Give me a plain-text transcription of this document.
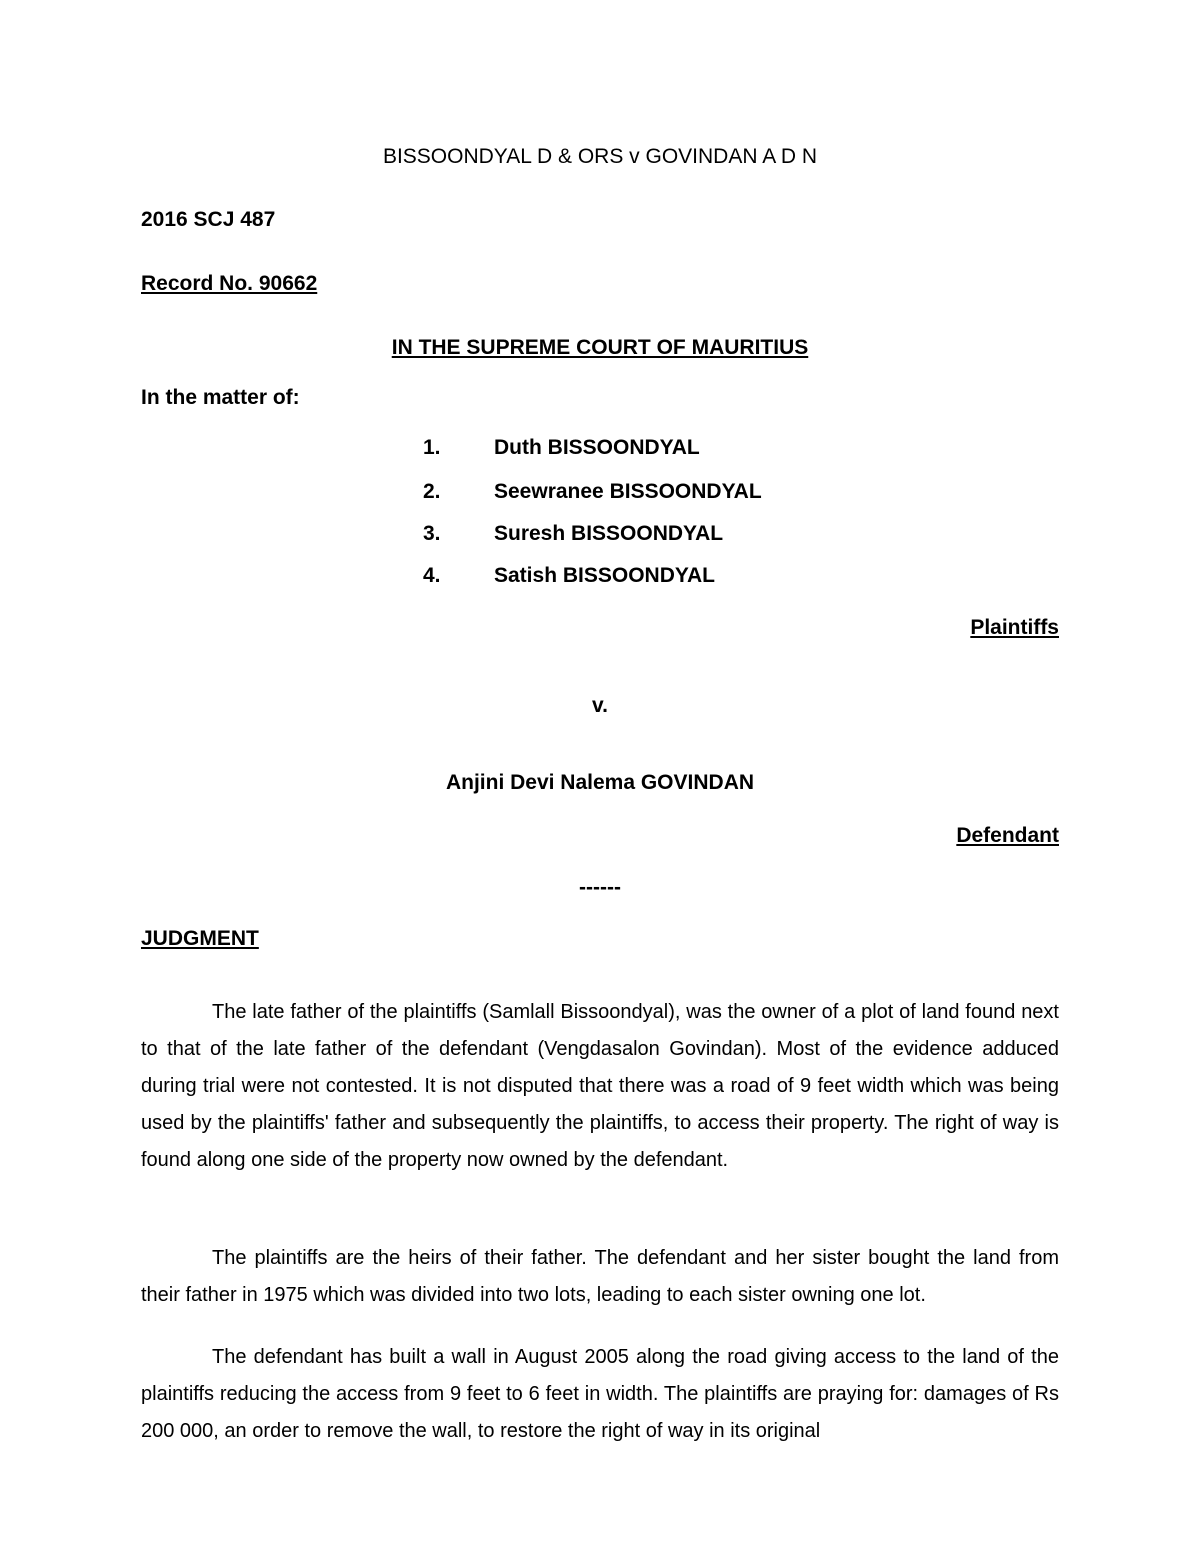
BISSOONDYAL D & ORS v GOVINDAN A D N
2016 SCJ 487
Record No. 90662
IN THE SUPREME COURT OF MAURITIUS
In the matter of:
1.	Duth BISSOONDYAL
2.	Seewranee BISSOONDYAL
3.	Suresh BISSOONDYAL
4.	Satish BISSOONDYAL
Plaintiffs
v.
Anjini Devi Nalema GOVINDAN
Defendant
------
JUDGMENT
The late father of the plaintiffs (Samlall Bissoondyal), was the owner of a plot of land found next to that of the late father of the defendant (Vengdasalon Govindan). Most of the evidence adduced during trial were not contested. It is not disputed that there was a road of 9 feet width which was being used by the plaintiffs' father and subsequently the plaintiffs, to access their property. The right of way is found along one side of the property now owned by the defendant.
The plaintiffs are the heirs of their father. The defendant and her sister bought the land from their father in 1975 which was divided into two lots, leading to each sister owning one lot.
The defendant has built a wall in August 2005 along the road giving access to the land of the plaintiffs reducing the access from 9 feet to 6 feet in width. The plaintiffs are praying for: damages of Rs 200 000, an order to remove the wall, to restore the right of way in its original
